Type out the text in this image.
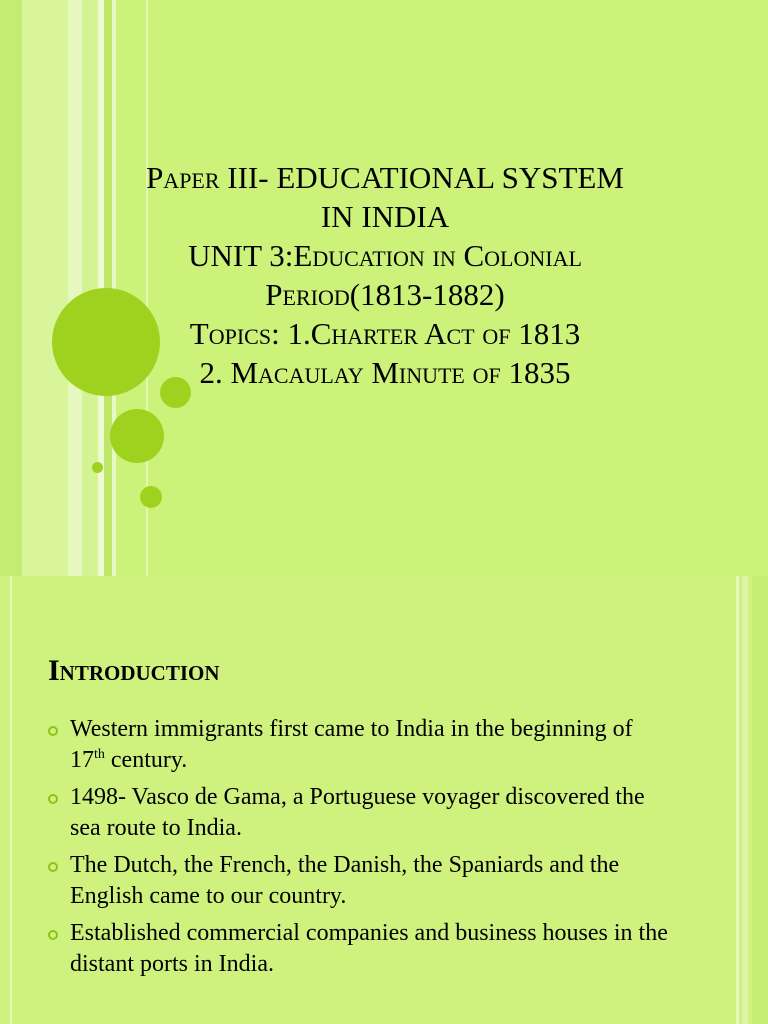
Paper III- EDUCATIONAL SYSTEM
IN INDIA
UNIT 3:Education in Colonial
Period(1813-1882)
Topics: 1.Charter Act of 1813
2. Macaulay Minute of 1835
Introduction
Western immigrants first came to India in the beginning of 17th century.
1498- Vasco de Gama, a Portuguese voyager discovered the sea route to India.
The Dutch, the French, the Danish, the Spaniards and the English came to our country.
Established commercial companies and business houses in the distant ports in India.
